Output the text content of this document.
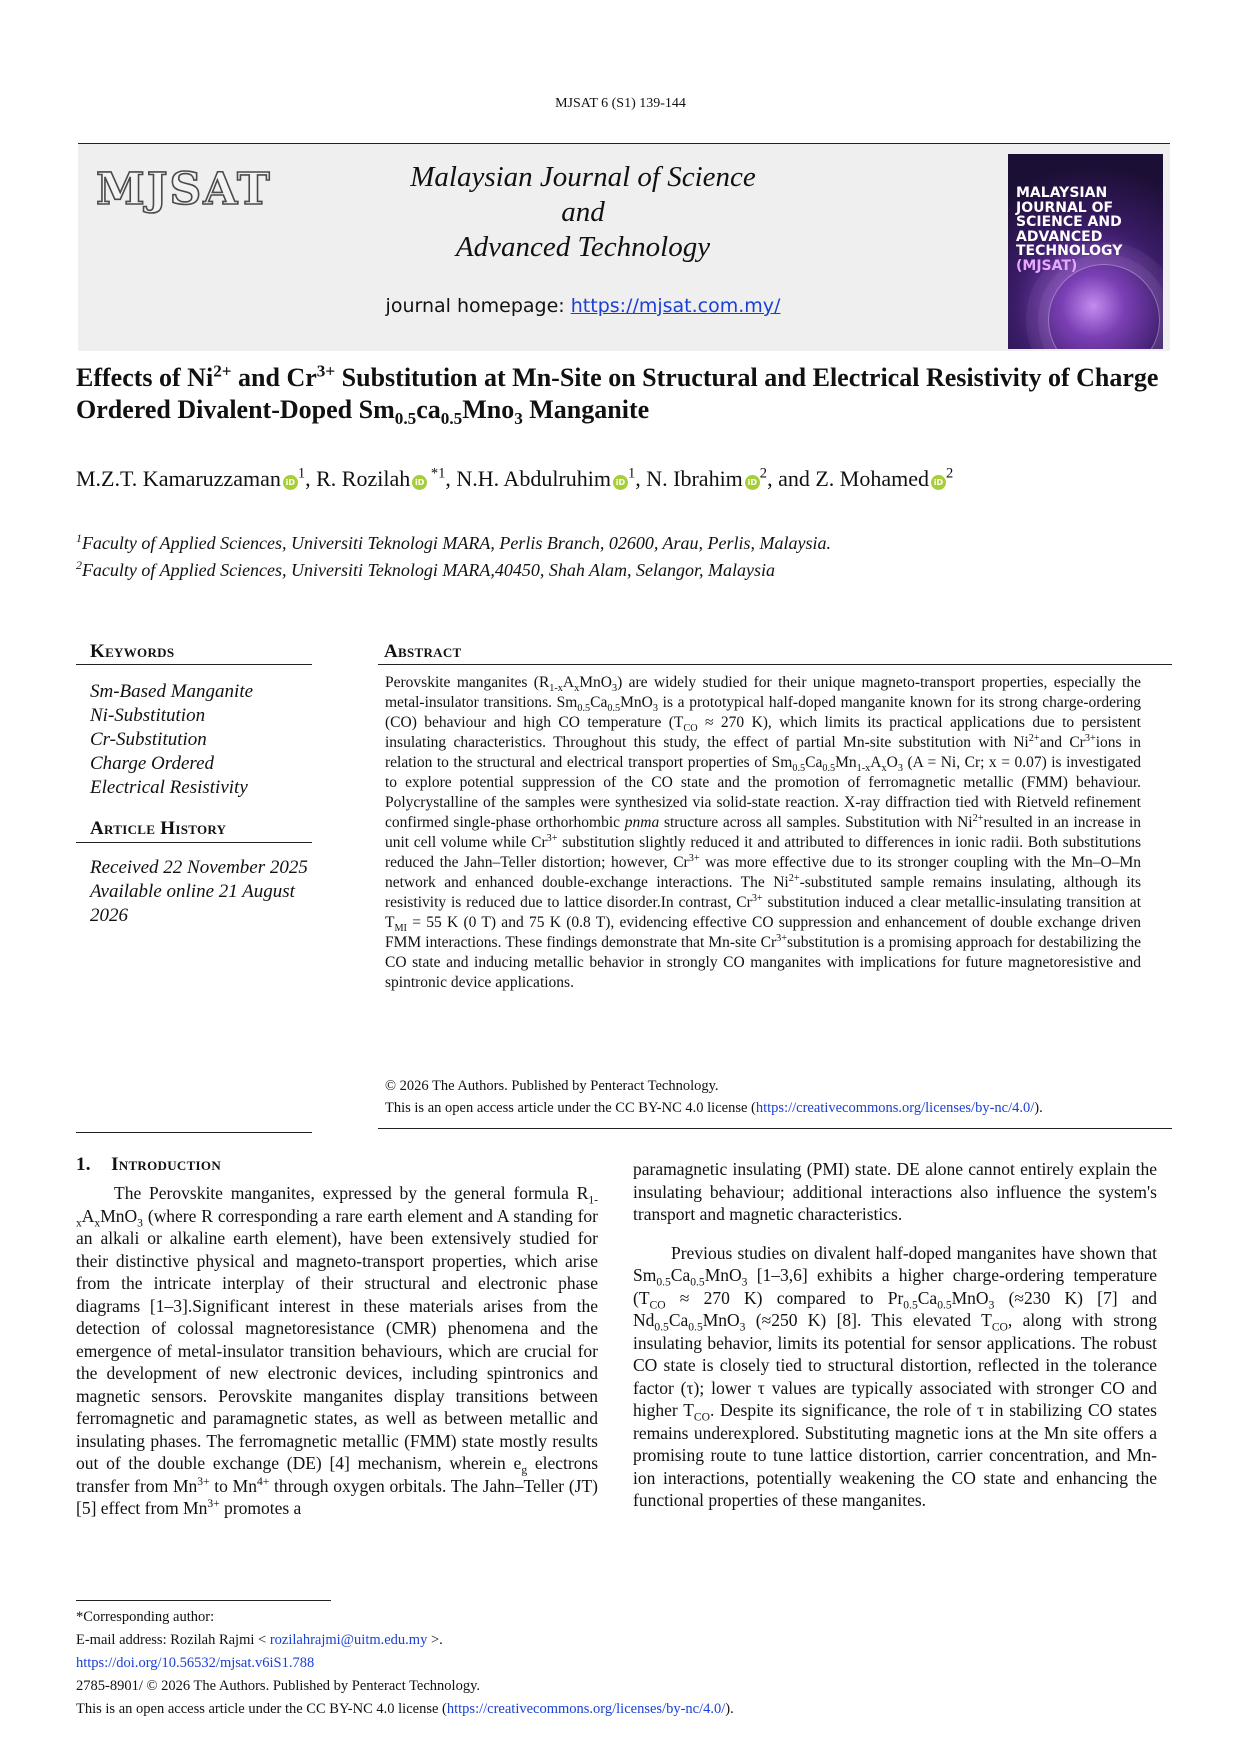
MJSAT 6 (S1) 139-144
MJSAT	Malaysian Journal of Science
and
Advanced Technology
journal homepage: https://mjsat.com.my/

MALAYSIAN
JOURNAL OF
SCIENCE AND
ADVANCED
TECHNOLOGY
(MJSAT)
Effects of $Ni^{2+}$ and $Cr^{3+}$ Substitution at Mn-Site on Structural and Electrical Resistivity of Charge Ordered Divalent-Doped $Sm_{0.5}ca_{0.5}Mno_3$ Manganite
M.Z.T. Kamaruzzaman $iD^1$, R. Rozilah iD $^{*1}$, N.H. Abdulruhim $iD^1$, N. Ibrahim $iD^2$, and Z. Mohamed $iD^2$
$^1$Faculty of Applied Sciences, Universiti Teknologi MARA, Perlis Branch, 02600, Arau, Perlis, Malaysia.
$^2$Faculty of Applied Sciences, Universiti Teknologi MARA,40450, Shah Alam, Selangor, Malaysia
Keywords
Sm-Based Manganite
Ni-Substitution
Cr-Substitution
Charge Ordered
Electrical Resistivity
Article History
Received 22 November 2025
Available online 21 August 2026
Abstract
Perovskite manganites $(R_{1-x}A_xMnO_3)$ are widely studied for their unique magneto-transport properties, especially the metal-insulator transitions. $Sm_{0.5}Ca_{0.5}MnO_3$ is a prototypical half-doped manganite known for its strong charge-ordering (CO) behaviour and high CO temperature ($T_{CO} \approx 270$ K), which limits its practical applications due to persistent insulating characteristics. Throughout this study, the effect of partial Mn-site substitution with $Ni^{2+}and$ $Cr^{3+}ions$ in relation to the structural and electrical transport properties of $Sm_{0.5}Ca_{0.5}Mn_{1-x}A_xO_3$ (A = Ni, Cr; x = 0.07) is investigated to explore potential suppression of the CO state and the promotion of ferromagnetic metallic (FMM) behaviour. Polycrystalline of the samples were synthesized via solid-state reaction. X-ray diffraction tied with Rietveld refinement confirmed single-phase orthorhombic pnma structure across all samples. Substitution with $Ni^{2+}resulted$ in an increase in unit cell volume while $Cr^{3+}$ substitution slightly reduced it and attributed to differences in ionic radii. Both substitutions reduced the Jahn–Teller distortion; however, $Cr^{3+}$ was more effective due to its stronger coupling with the Mn–O–Mn network and enhanced double-exchange interactions. The $Ni^{2+}$-substituted sample remains insulating, although its resistivity is reduced due to lattice disorder.In contrast, $Cr^{3+}$ substitution induced a clear metallic-insulating transition at $T_{MI} = 55$ K (0 T) and 75 K (0.8 T), evidencing effective CO suppression and enhancement of double exchange driven FMM interactions. These findings demonstrate that Mn-site $Cr^{3+}substitution$ is a promising approach for destabilizing the CO state and inducing metallic behavior in strongly CO manganites with implications for future magnetoresistive and spintronic device applications.
© 2026 The Authors. Published by Penteract Technology.
This is an open access article under the CC BY-NC 4.0 license (https://creativecommons.org/licenses/by-nc/4.0/).
1. Introduction

The Perovskite manganites, expressed by the general formula $R_{1-x}A_xMnO_3$ (where R corresponding a rare earth element and A standing for an alkali or alkaline earth element), have been extensively studied for their distinctive physical and magneto-transport properties, which arise from the intricate interplay of their structural and electronic phase diagrams [1–3].Significant interest in these materials arises from the detection of colossal magnetoresistance (CMR) phenomena and the emergence of metal-insulator transition behaviours, which are crucial for the development of new electronic devices, including spintronics and magnetic sensors. Perovskite manganites display transitions between ferromagnetic and paramagnetic states, as well as between metallic and insulating phases. The ferromagnetic metallic (FMM) state mostly results out of the double exchange (DE) [4] mechanism, wherein $e_g$ electrons transfer from $Mn^{3+}$ to $Mn^{4+}$ through oxygen orbitals. The Jahn–Teller (JT) [5] effect from $Mn^{3+}$ promotes a

paramagnetic insulating (PMI) state. DE alone cannot entirely explain the insulating behaviour; additional interactions also influence the system's transport and magnetic characteristics.

Previous studies on divalent half-doped manganites have shown that $Sm_{0.5}Ca_{0.5}MnO_3$ [1–3,6] exhibits a higher charge-ordering temperature ($T_{CO} \approx 270$ K) compared to $Pr_{0.5}Ca_{0.5}MnO_3$ (≈230 K) [7] and $Nd_{0.5}Ca_{0.5}MnO_3$ (≈250 K) [8]. This elevated $T_{CO}$, along with strong insulating behavior, limits its potential for sensor applications. The robust CO state is closely tied to structural distortion, reflected in the tolerance factor (τ); lower τ values are typically associated with stronger CO and higher $T_{CO}$. Despite its significance, the role of τ in stabilizing CO states remains underexplored. Substituting magnetic ions at the Mn site offers a promising route to tune lattice distortion, carrier concentration, and Mn-ion interactions, potentially weakening the CO state and enhancing the functional properties of these manganites.

*Corresponding author:
E-mail address: Rozilah Rajmi < rozilahrajmi@uitm.edu.my >.
https://doi.org/10.56532/mjsat.v6iS1.788
2785-8901/ © 2026 The Authors. Published by Penteract Technology.
This is an open access article under the CC BY-NC 4.0 license (https://creativecommons.org/licenses/by-nc/4.0/).
